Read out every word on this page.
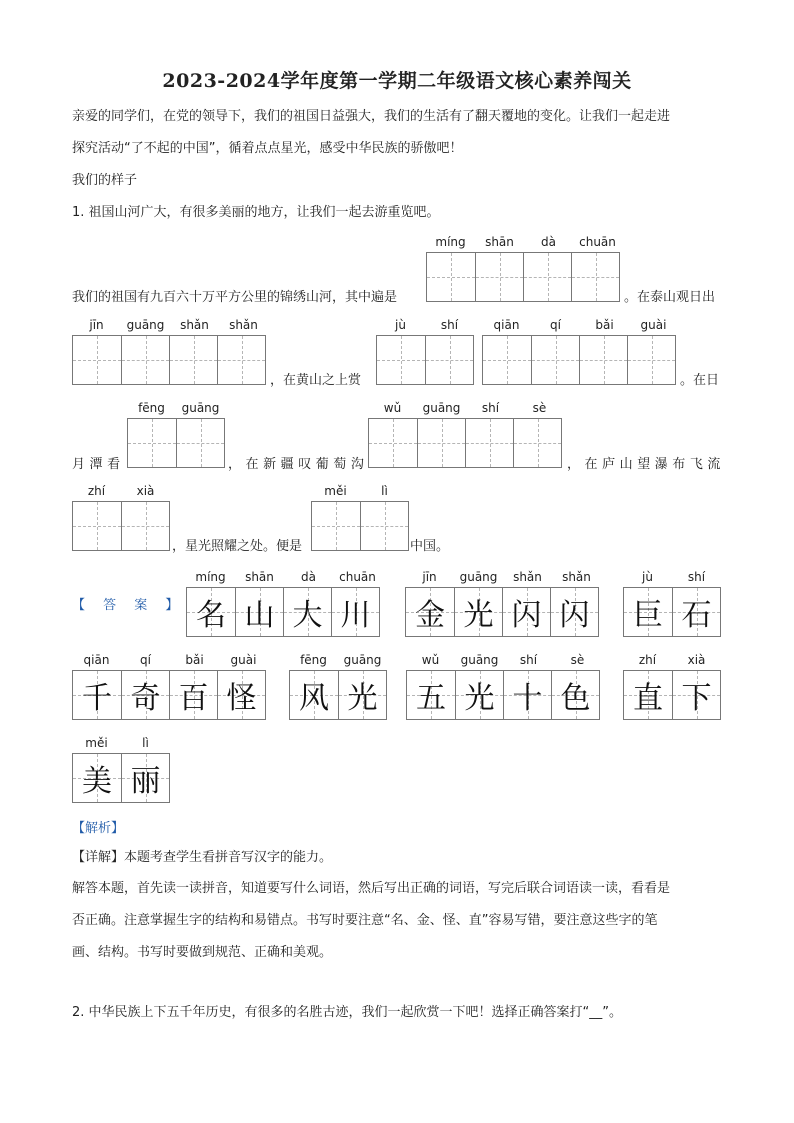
2023-2024学年度第一学期二年级语文核心素养闯关
亲爱的同学们，在党的领导下，我们的祖国日益强大，我们的生活有了翻天覆地的变化。让我们一起走进
探究活动“了不起的中国”，循着点点星光，感受中华民族的骄傲吧！
我们的样子
1. 祖国山河广大，有很多美丽的地方，让我们一起去游重览吧。
míng	shān	dà	chuān
我们的祖国有九百六十万平方公里的锦绣山河，其中遍是	。在泰山观日出
jīn	guāng	shǎn	shǎn
，在黄山之上赏
jù	shí	qiān	qí	bǎi	guài
。在日
月潭看
fēng	guāng
，在新疆叹葡萄沟
wǔ	guāng	shí	sè
，在庐山望瀑布飞流
zhí	xià
，星光照耀之处。便是
měi	lì
中国。
【 答 案 】
míng	shān	dà	chuān
名 山 大 川
jīn	guāng	shǎn	shǎn
金 光 闪 闪
jù	shí
巨 石
qiān	qí	bǎi	guài
千 奇 百 怪
fēng	guāng
风 光
wǔ	guāng	shí	sè
五 光 十 色
zhí	xià
直 下
měi	lì
美 丽
【解析】
【详解】本题考查学生看拼音写汉字的能力。
解答本题，首先读一读拼音，知道要写什么词语，然后写出正确的词语，写完后联合词语读一读，看看是
否正确。注意掌握生字的结构和易错点。书写时要注意“名、金、怪、直”容易写错，要注意这些字的笔
画、结构。书写时要做到规范、正确和美观。
2. 中华民族上下五千年历史，有很多的名胜古迹，我们一起欣赏一下吧！选择正确答案打“__”。
